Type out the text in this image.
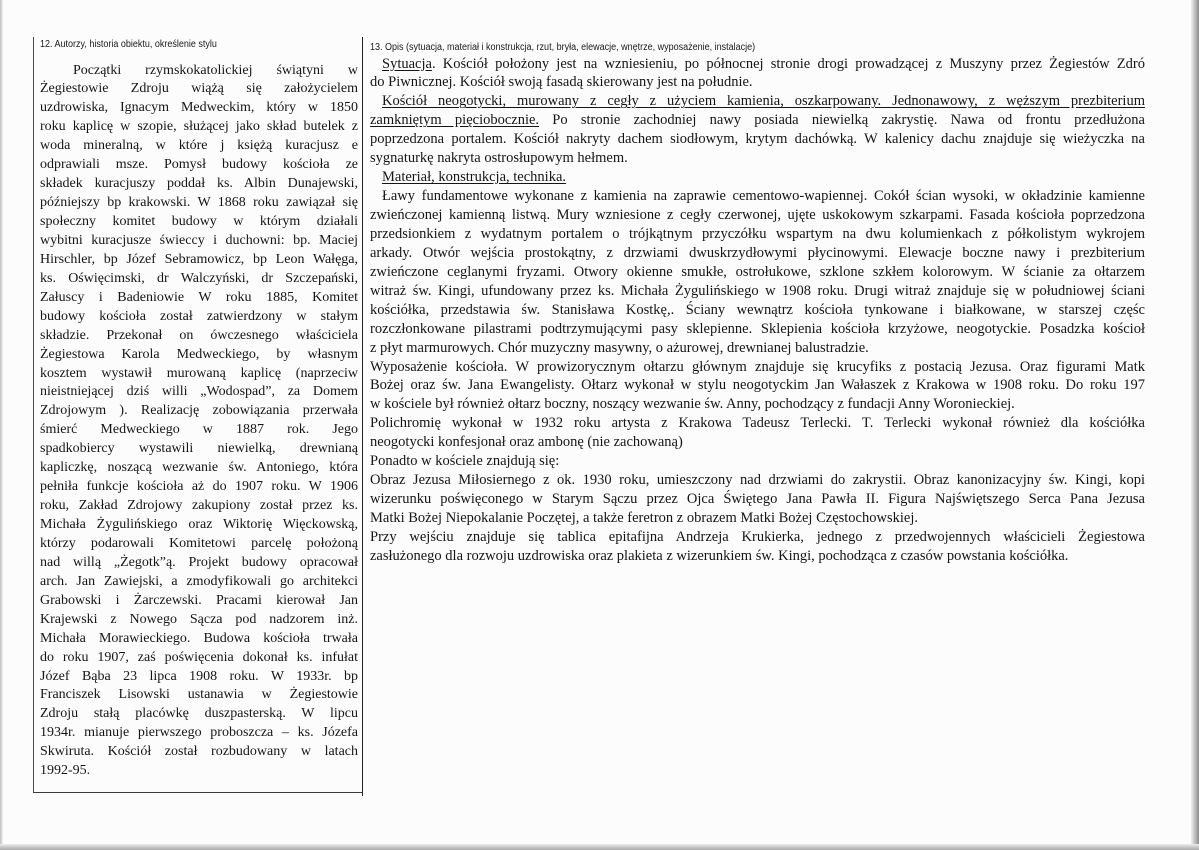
12. Autorzy, historia obiektu, określenie stylu	13. Opis (sytuacja, materiał i konstrukcja, rzut, bryła, elewacje, wnętrze, wyposażenie, instalacje)
Początki rzymskokatolickiej świątyni w
Żegiestowie Zdroju wiążą się założycielem
uzdrowiska, Ignacym Medweckim, który w 1850
roku kaplicę w szopie, służącej jako skład butelek z
woda mineralną, w które j księżą kuracjusz e
odprawiali msze. Pomysł budowy kościoła ze
składek kuracjuszy poddał ks. Albin Dunajewski,
późniejszy bp krakowski. W 1868 roku zawiązał się
społeczny komitet budowy w którym działali
wybitni kuracjusze świeccy i duchowni: bp. Maciej
Hirschler, bp Józef Sebramowicz, bp Leon Wałęga,
ks. Oświęcimski, dr Walczyński, dr Szczepański,
Załuscy i Badeniowie W roku 1885, Komitet
budowy kościoła został zatwierdzony w stałym
składzie. Przekonał on ówczesnego właściciela
Żegiestowa Karola Medweckiego, by własnym
kosztem wystawił murowaną kaplicę (naprzeciw
nieistniejącej dziś willi „Wodospad”, za Domem
Zdrojowym ). Realizację zobowiązania przerwała
śmierć Medweckiego w 1887 rok. Jego
spadkobiercy wystawili niewielką, drewnianą
kapliczkę, noszącą wezwanie św. Antoniego, która
pełniła funkcje kościoła aż do 1907 roku. W 1906
roku, Zakład Zdrojowy zakupiony został przez ks.
Michała Żygulińskiego oraz Wiktorię Więckowską,
którzy podarowali Komitetowi parcelę położoną
nad willą „Żegotk”ą. Projekt budowy opracował
arch. Jan Zawiejski, a zmodyfikowali go architekci
Grabowski i Żarczewski. Pracami kierował Jan
Krajewski z Nowego Sącza pod nadzorem inż.
Michała Morawieckiego. Budowa kościoła trwała
do roku 1907, zaś poświęcenia dokonał ks. infułat
Józef Bąba 23 lipca 1908 roku. W 1933r. bp
Franciszek Lisowski ustanawia w Żegiestowie
Zdroju stałą placówkę duszpasterską. W lipcu
1934r. mianuje pierwszego proboszcza – ks. Józefa
Skwiruta. Kościół został rozbudowany w latach
1992-95.
Sytuacja. Kościół położony jest na wzniesieniu, po północnej stronie drogi prowadzącej z Muszyny przez Żegiestów Zdró
do Piwnicznej. Kościół swoją fasadą skierowany jest na południe.
Kościół neogotycki, murowany z cegły z użyciem kamienia, oszkarpowany. Jednonawowy, z węższym prezbiterium
zamkniętym pięciobocznie. Po stronie zachodniej nawy posiada niewielką zakrystię. Nawa od frontu przedłużona
poprzedzona portalem. Kościół nakryty dachem siodłowym, krytym dachówką. W kalenicy dachu znajduje się wieżyczka na
sygnaturkę nakryta ostrosłupowym hełmem.
Materiał, konstrukcja, technika.
Ławy fundamentowe wykonane z kamienia na zaprawie cementowo-wapiennej. Cokół ścian wysoki, w okładzinie kamienne
zwieńczonej kamienną listwą. Mury wzniesione z cegły czerwonej, ujęte uskokowym szkarpami. Fasada kościoła poprzedzona
przedsionkiem z wydatnym portalem o trójkątnym przyczółku wspartym na dwu kolumienkach z półkolistym wykrojem
arkady. Otwór wejścia prostokątny, z drzwiami dwuskrzydłowymi płycinowymi. Elewacje boczne nawy i prezbiterium
zwieńczone ceglanymi fryzami. Otwory okienne smukłe, ostrołukowe, szklone szkłem kolorowym. W ścianie za ołtarzem
witraż św. Kingi, ufundowany przez ks. Michała Żygulińskiego w 1908 roku. Drugi witraż znajduje się w południowej ściani
kościółka, przedstawia św. Stanisława Kostkę,. Ściany wewnątrz kościoła tynkowane i białkowane, w starszej częśc
rozczłonkowane pilastrami podtrzymującymi pasy sklepienne. Sklepienia kościoła krzyżowe, neogotyckie. Posadzka kościoł
z płyt marmurowych. Chór muzyczny masywny, o ażurowej, drewnianej balustradzie.
Wyposażenie kościoła. W prowizorycznym ołtarzu głównym znajduje się krucyfiks z postacią Jezusa. Oraz figurami Matk
Bożej oraz św. Jana Ewangelisty. Ołtarz wykonał w stylu neogotyckim Jan Wałaszek z Krakowa w 1908 roku. Do roku 197
w kościele był również ołtarz boczny, noszący wezwanie św. Anny, pochodzący z fundacji Anny Woronieckiej.
Polichromię wykonał w 1932 roku artysta z Krakowa Tadeusz Terlecki. T. Terlecki wykonał również dla kościółka
neogotycki konfesjonał oraz ambonę (nie zachowaną)
Ponadto w kościele znajdują się:
Obraz Jezusa Miłosiernego z ok. 1930 roku, umieszczony nad drzwiami do zakrystii. Obraz kanonizacyjny św. Kingi, kopi
wizerunku poświęconego w Starym Sączu przez Ojca Świętego Jana Pawła II. Figura Najświętszego Serca Pana Jezusa
Matki Bożej Niepokalanie Poczętej, a także feretron z obrazem Matki Bożej Częstochowskiej.
Przy wejściu znajduje się tablica epitafijna Andrzeja Krukierka, jednego z przedwojennych właścicieli Żegiestowa
zasłużonego dla rozwoju uzdrowiska oraz plakieta z wizerunkiem św. Kingi, pochodząca z czasów powstania kościółka.
